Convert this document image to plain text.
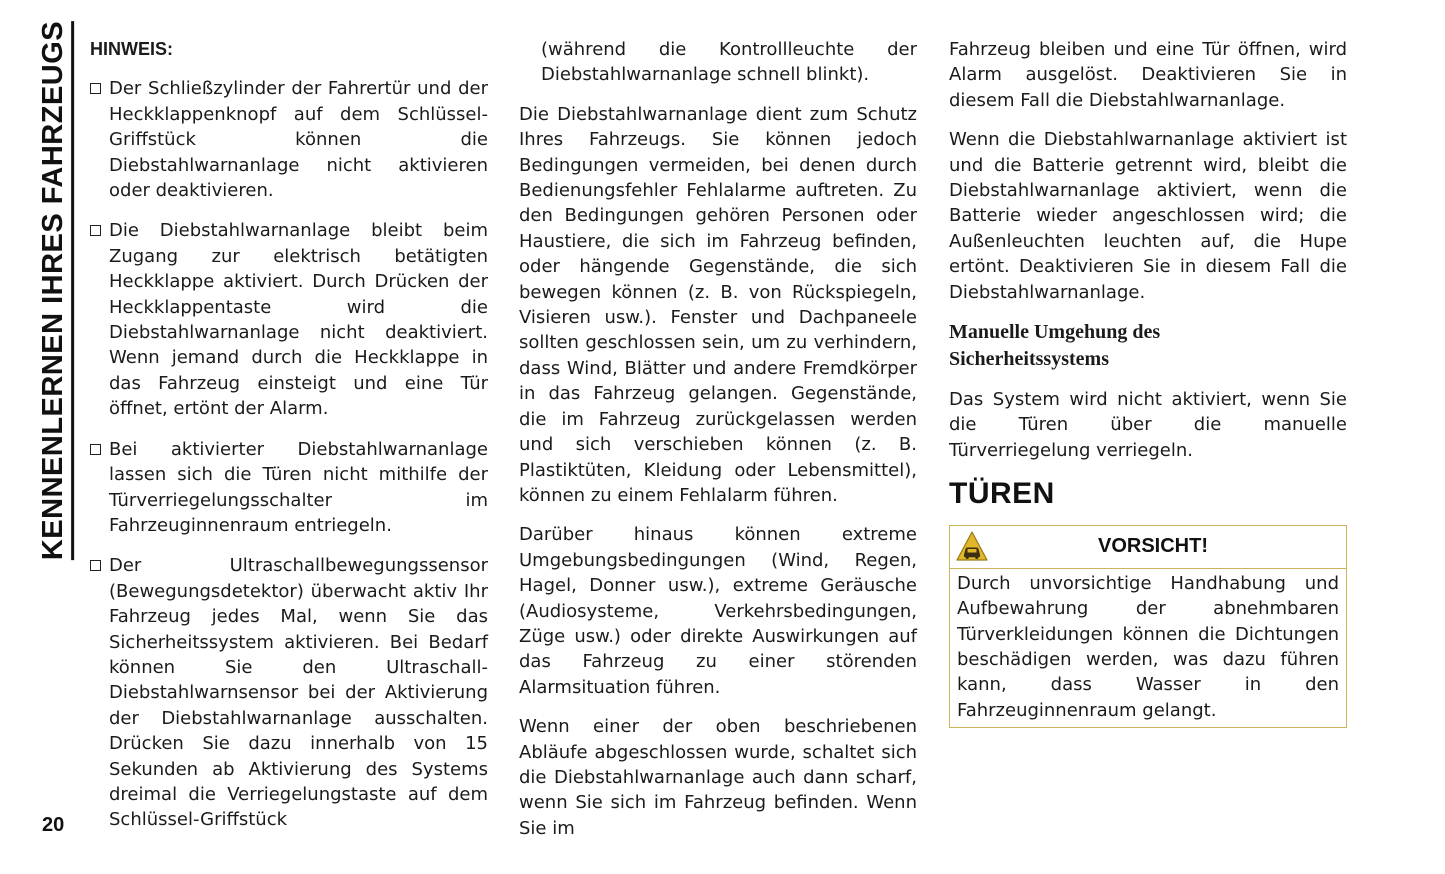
KENNENLERNEN IHRES FAHRZEUGS
20
HINWEIS:
Der Schließzylinder der Fahrertür und der Heckklappenknopf auf dem Schlüssel-Griffstück können die Diebstahlwarnanlage nicht aktivieren oder deaktivieren.
Die Diebstahlwarnanlage bleibt beim Zugang zur elektrisch betätigten Heckklappe aktiviert. Durch Drücken der Heckklappentaste wird die Diebstahlwarnanlage nicht deaktiviert. Wenn jemand durch die Heckklappe in das Fahrzeug einsteigt und eine Tür öffnet, ertönt der Alarm.
Bei aktivierter Diebstahlwarnanlage lassen sich die Türen nicht mithilfe der Türverriegelungsschalter im Fahrzeuginnenraum entriegeln.
Der Ultraschallbewegungssensor (Bewegungsdetektor) überwacht aktiv Ihr Fahrzeug jedes Mal, wenn Sie das Sicherheitssystem aktivieren. Bei Bedarf können Sie den Ultraschall-Diebstahlwarnsensor bei der Aktivierung der Diebstahlwarnanlage ausschalten. Drücken Sie dazu innerhalb von 15 Sekunden ab Aktivierung des Systems dreimal die Verriegelungstaste auf dem Schlüssel-Griffstück
(während die Kontrollleuchte der Diebstahlwarnanlage schnell blinkt).

Die Diebstahlwarnanlage dient zum Schutz Ihres Fahrzeugs. Sie können jedoch Bedingungen vermeiden, bei denen durch Bedienungsfehler Fehlalarme auftreten. Zu den Bedingungen gehören Personen oder Haustiere, die sich im Fahrzeug befinden, oder hängende Gegenstände, die sich bewegen können (z. B. von Rückspiegeln, Visieren usw.). Fenster und Dachpaneele sollten geschlossen sein, um zu verhindern, dass Wind, Blätter und andere Fremdkörper in das Fahrzeug gelangen. Gegenstände, die im Fahrzeug zurückgelassen werden und sich verschieben können (z. B. Plastiktüten, Kleidung oder Lebensmittel), können zu einem Fehlalarm führen.

Darüber hinaus können extreme Umgebungsbedingungen (Wind, Regen, Hagel, Donner usw.), extreme Geräusche (Audiosysteme, Verkehrsbedingungen, Züge usw.) oder direkte Auswirkungen auf das Fahrzeug zu einer störenden Alarmsituation führen.

Wenn einer der oben beschriebenen Abläufe abgeschlossen wurde, schaltet sich die Diebstahlwarnanlage auch dann scharf, wenn Sie sich im Fahrzeug befinden. Wenn Sie im

Fahrzeug bleiben und eine Tür öffnen, wird Alarm ausgelöst. Deaktivieren Sie in diesem Fall die Diebstahlwarnanlage.

Wenn die Diebstahlwarnanlage aktiviert ist und die Batterie getrennt wird, bleibt die Diebstahlwarnanlage aktiviert, wenn die Batterie wieder angeschlossen wird; die Außenleuchten leuchten auf, die Hupe ertönt. Deaktivieren Sie in diesem Fall die Diebstahlwarnanlage.

Manuelle Umgehung des
Sicherheitssystems

Das System wird nicht aktiviert, wenn Sie die Türen über die manuelle Türverriegelung verriegeln.

TÜREN
VORSICHT!
Durch unvorsichtige Handhabung und Aufbewahrung der abnehmbaren Türverkleidungen können die Dichtungen beschädigen werden, was dazu führen kann, dass Wasser in den Fahrzeuginnenraum gelangt.
